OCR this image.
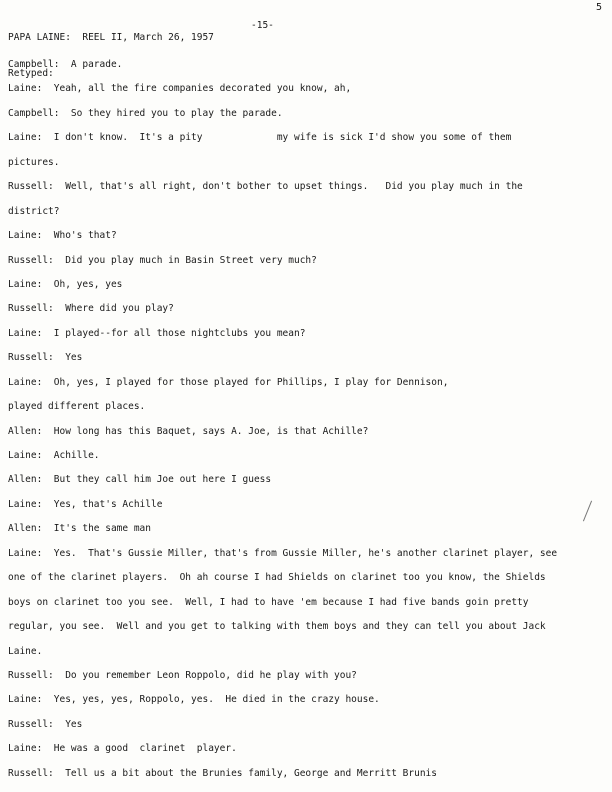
PAPA LAINE:  REEL II, March 26, 1957

Retyped:

-15-

5
Campbell:  A parade.
Laine:  Yeah, all the fire companies decorated you know, ah,
Campbell:  So they hired you to play the parade.
Laine:  I don't know.  It's a pity             my wife is sick I'd show you some of them
pictures.
Russell:  Well, that's all right, don't bother to upset things.   Did you play much in the
district?
Laine:  Who's that?
Russell:  Did you play much in Basin Street very much?
Laine:  Oh, yes, yes
Russell:  Where did you play?
Laine:  I played--for all those nightclubs you mean?
Russell:  Yes
Laine:  Oh, yes, I played for those played for Phillips, I play for Dennison,
played different places.
Allen:  How long has this Baquet, says A. Joe, is that Achille?
Laine:  Achille.
Allen:  But they call him Joe out here I guess
Laine:  Yes, that's Achille
Allen:  It's the same man
Laine:  Yes.  That's Gussie Miller, that's from Gussie Miller, he's another clarinet player, see
one of the clarinet players.  Oh ah course I had Shields on clarinet too you know, the Shields
boys on clarinet too you see.  Well, I had to have 'em because I had five bands goin pretty
regular, you see.  Well and you get to talking with them boys and they can tell you about Jack
Laine.
Russell:  Do you remember Leon Roppolo, did he play with you?
Laine:  Yes, yes, yes, Roppolo, yes.  He died in the crazy house.
Russell:  Yes
Laine:  He was a good  clarinet  player.
Russell:  Tell us a bit about the Brunies family, George and Merritt Brunis
